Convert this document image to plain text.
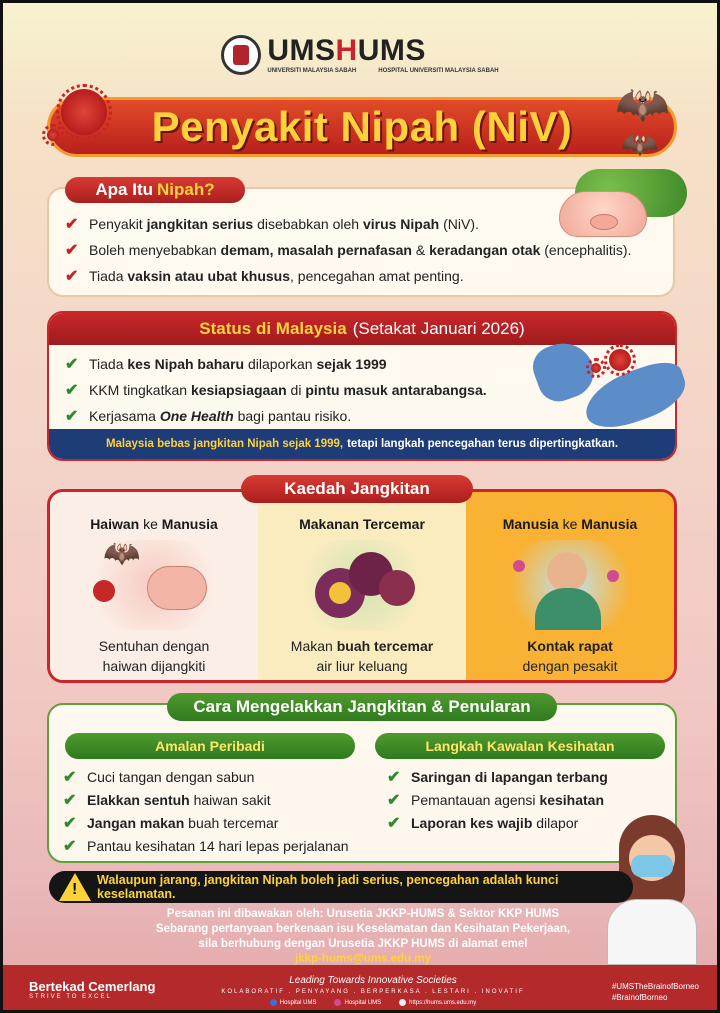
UMSHUMS
UNIVERSITI MALAYSIA SABAH	HOSPITAL UNIVERSITI MALAYSIA SABAH
Penyakit Nipah (NiV) 🦇
🦇
✔ Penyakit jangkitan serius disebabkan oleh virus Nipah (NiV).
✔ Boleh menyebabkan demam, masalah pernafasan & keradangan otak (encephalitis).
✔ Tiada vaksin atau ubat khusus, pencegahan amat penting.
Apa Itu Nipah?
Status di Malaysia (Setakat Januari 2026)
✔ Tiada kes Nipah baharu dilaporkan sejak 1999
✔ KKM tingkatkan kesiapsiagaan di pintu masuk antarabangsa.
✔ Kerjasama One Health bagi pantau risiko.
Malaysia bebas jangkitan Nipah sejak 1999, tetapi langkah pencegahan terus dipertingkatkan.
Haiwan ke Manusia
🦇
Sentuhan dengan
haiwan dijangkiti
Makanan Tercemar
Makan buah tercemar
air liur keluang
Manusia ke Manusia
Kontak rapat
dengan pesakit
Kaedah Jangkitan
Cara Mengelakkan Jangkitan & Penularan
Amalan Peribadi	Langkah Kawalan Kesihatan
✔ Cuci tangan dengan sabun
✔ Elakkan sentuh haiwan sakit
✔ Jangan makan buah tercemar
✔ Pantau kesihatan 14 hari lepas perjalanan
✔ Saringan di lapangan terbang
✔ Pemantauan agensi kesihatan
✔ Laporan kes wajib dilapor
!
Walaupun jarang, jangkitan Nipah boleh jadi serius, pencegahan adalah kunci keselamatan.
Pesanan ini dibawakan oleh: Urusetia JKKP-HUMS & Sektor KKP HUMS
Sebarang pertanyaan berkenaan isu Keselamatan dan Kesihatan Pekerjaan,
sila berhubung dengan Urusetia JKKP HUMS di alamat emel
jkkp-hums@ums.edu.my
Bertekad Cemerlang
STRIVE TO EXCEL
Leading Towards Innovative Societies
KOLABORATIF . PENYAYANG . BERPERKASA . LESTARI . INOVATIF
Hospital UMS	Hospital UMS	https://hums.ums.edu.my
#UMSTheBrainofBorneo
#BrainofBorneo
